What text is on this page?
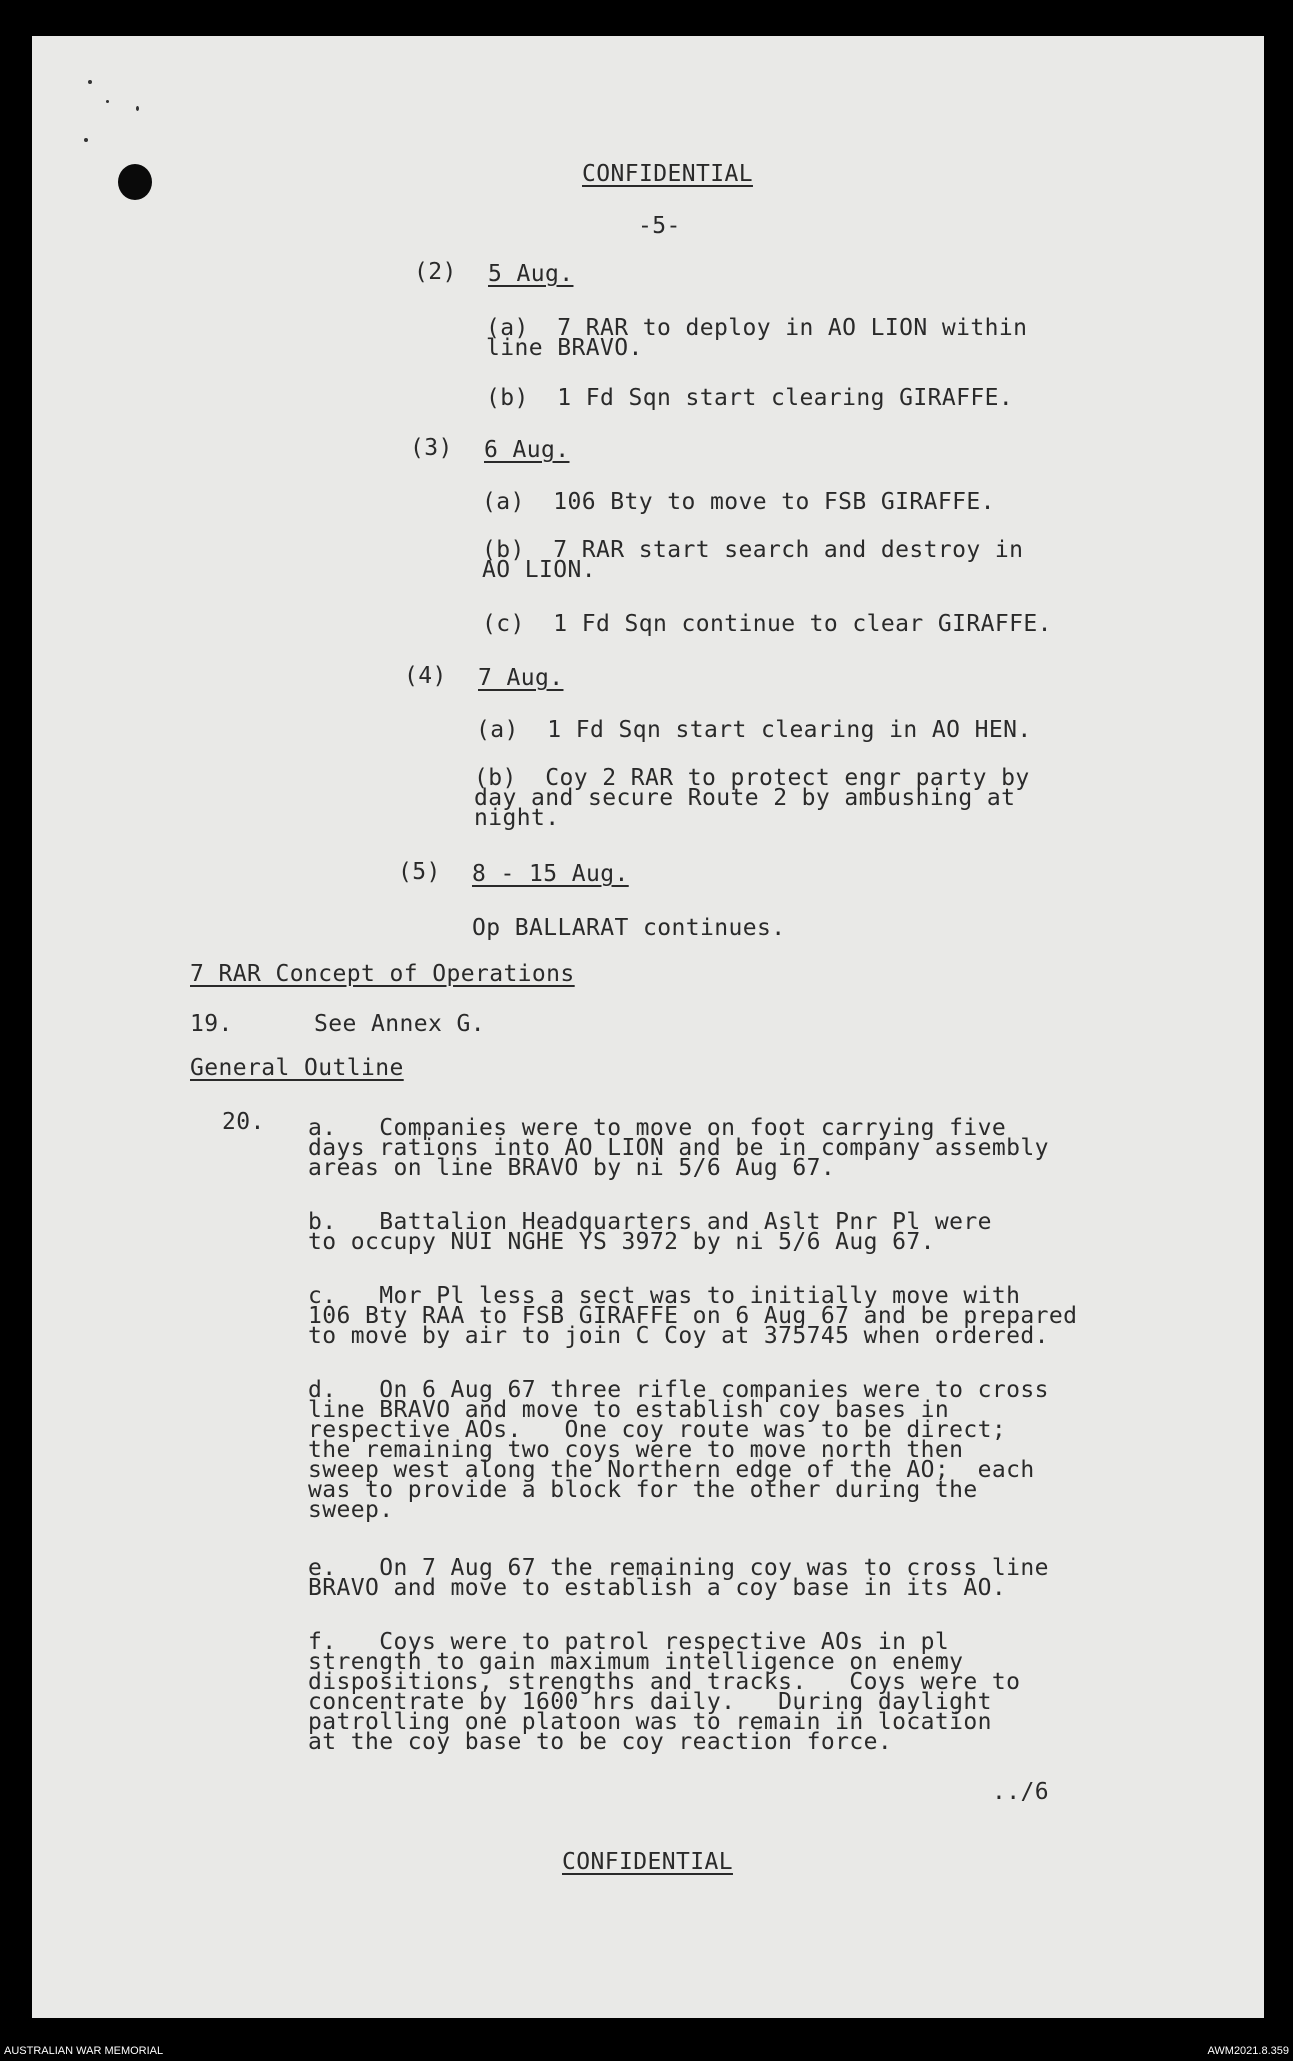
CONFIDENTIAL
-5-
(2) 5 Aug.
(a)  7 RAR to deploy in AO LION within
line BRAVO.
(b)  1 Fd Sqn start clearing GIRAFFE.
(3) 6 Aug.
(a)  106 Bty to move to FSB GIRAFFE.
(b)  7 RAR start search and destroy in
AO LION.
(c)  1 Fd Sqn continue to clear GIRAFFE.
(4) 7 Aug.
(a)  1 Fd Sqn start clearing in AO HEN.
(b)  Coy 2 RAR to protect engr party by
day and secure Route 2 by ambushing at
night.
(5) 8 - 15 Aug.
Op BALLARAT continues.
7 RAR Concept of Operations
19.	See Annex G.
General Outline
20. a.   Companies were to move on foot carrying five
days rations into AO LION and be in company assembly
areas on line BRAVO by ni 5/6 Aug 67.
b.   Battalion Headquarters and Aslt Pnr Pl were
to occupy NUI NGHE YS 3972 by ni 5/6 Aug 67.
c.   Mor Pl less a sect was to initially move with
106 Bty RAA to FSB GIRAFFE on 6 Aug 67 and be prepared
to move by air to join C Coy at 375745 when ordered.
d.   On 6 Aug 67 three rifle companies were to cross
line BRAVO and move to establish coy bases in
respective AOs.   One coy route was to be direct;
the remaining two coys were to move north then
sweep west along the Northern edge of the AO;  each
was to provide a block for the other during the
sweep.
e.   On 7 Aug 67 the remaining coy was to cross line
BRAVO and move to establish a coy base in its AO.
f.   Coys were to patrol respective AOs in pl
strength to gain maximum intelligence on enemy
dispositions, strengths and tracks.   Coys were to
concentrate by 1600 hrs daily.   During daylight
patrolling one platoon was to remain in location
at the coy base to be coy reaction force.
../6
CONFIDENTIAL
AUSTRALIAN WAR MEMORIAL	AWM2021.8.359
